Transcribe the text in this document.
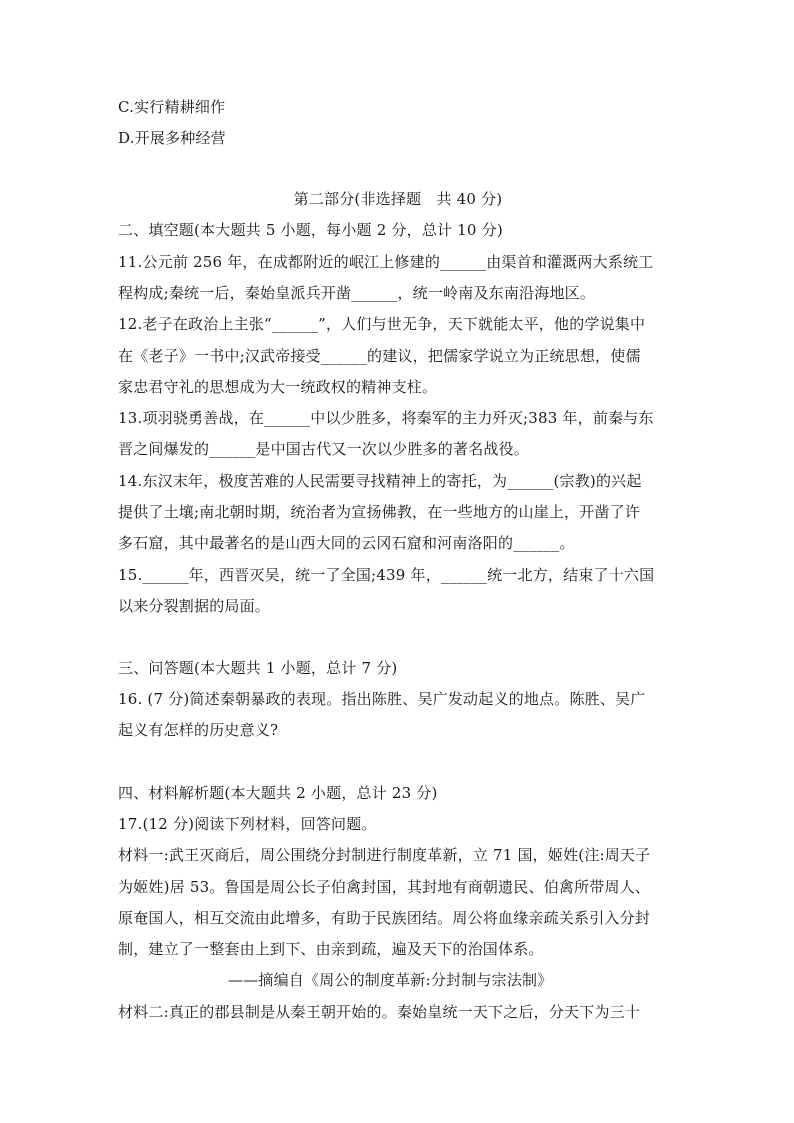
C.实行精耕细作
D.开展多种经营
第二部分(非选择题　共 40 分)
二、填空题(本大题共 5 小题，每小题 2 分，总计 10 分)
11.公元前 256 年，在成都附近的岷江上修建的______由渠首和灌溉两大系统工
程构成;秦统一后，秦始皇派兵开凿______，统一岭南及东南沿海地区。
12.老子在政治上主张“______”，人们与世无争，天下就能太平，他的学说集中
在《老子》一书中;汉武帝接受______的建议，把儒家学说立为正统思想，使儒
家忠君守礼的思想成为大一统政权的精神支柱。
13.项羽骁勇善战，在______中以少胜多，将秦军的主力歼灭;383 年，前秦与东
晋之间爆发的______是中国古代又一次以少胜多的著名战役。
14.东汉末年，极度苦难的人民需要寻找精神上的寄托，为______(宗教)的兴起
提供了土壤;南北朝时期，统治者为宣扬佛教，在一些地方的山崖上，开凿了许
多石窟，其中最著名的是山西大同的云冈石窟和河南洛阳的______。
15.______年，西晋灭吴，统一了全国;439 年，______统一北方，结束了十六国
以来分裂割据的局面。
三、问答题(本大题共 1 小题，总计 7 分)
16. (7 分)简述秦朝暴政的表现。指出陈胜、吴广发动起义的地点。陈胜、吴广
起义有怎样的历史意义?
四、材料解析题(本大题共 2 小题，总计 23 分)
17.(12 分)阅读下列材料，回答问题。
材料一:武王灭商后，周公围绕分封制进行制度革新，立 71 国，姬姓(注:周天子
为姬姓)居 53。鲁国是周公长子伯禽封国，其封地有商朝遗民、伯禽所带周人、
原奄国人，相互交流由此增多，有助于民族团结。周公将血缘亲疏关系引入分封
制，建立了一整套由上到下、由亲到疏，遍及天下的治国体系。
——摘编自《周公的制度革新:分封制与宗法制》
材料二:真正的郡县制是从秦王朝开始的。秦始皇统一天下之后，分天下为三十
